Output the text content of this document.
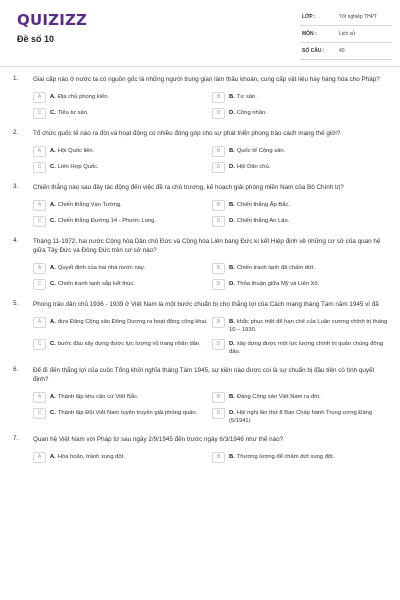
QUIZIZZ
Đề số 10
LỚP :	Tốt nghiệp THPT
MÔN :	Lịch sử
SỐ CÂU :	40
1. Giai cấp nào ở nước ta có nguồn gốc là những người trung gian làm thầu khoán, cung cấp vật liệu hay hàng hóa cho Pháp?
A	A. Địa chủ phong kiến.	B	B. Tư sản.
C	C. Tiểu tư sản.	D	D. Công nhân.
2. Tổ chức quốc tế nào ra đời và hoạt động có nhiều đóng góp cho sự phát triển phong trào cách mạng thế giới?
A	A. Hội Quốc liên.	B	B. Quốc tế Cộng sản.
C	C. Liên Hợp Quốc.	D	D. Hội Dân chủ.
3. Chiến thắng nào sau đây tác động đến việc đề ra chủ trương, kế hoạch giải phóng miền Nam của Bộ Chính trị?
A	A. Chiến thắng Vạn Tường.	B	B. Chiến thắng Ấp Bắc.
C	C. Chiến thắng Đường 14 - Phước Long.	D	D. Chiến thắng An Lão.
4. Tháng 11-1972, hai nước Cộng hòa Dân chủ Đức và Cộng hòa Liên bang Đức kí kết Hiệp định về những cơ sở của quan hệ giữa Tây Đức và Đông Đức trên cơ sở nào?
A	A. Quyết định của hai nhà nước này.	B	B. Chiến tranh lạnh đã chấm dứt.
C	C. Chiến tranh lạnh sắp kết thúc.	D	D. Thỏa thuận giữa Mỹ và Liên Xô.
5. Phong trào dân chủ 1936 - 1939 ở Việt Nam là một bước chuẩn bị cho thắng lợi của Cách mạng tháng Tám năm 1945 vì đã
A	A. đưa Đảng Cộng sản Đông Dương ra hoạt động công khai.	B	B. khắc phục triệt để hạn chế của Luận cương chính trị tháng 10 – 1930.
C	C. bước đầu xây dựng được lực lượng vũ trang nhân dân.	D	D. xây dựng được một lực lượng chính trị quần chúng đông đảo.
6. Để đi đến thắng lợi của cuộc Tổng khởi nghĩa tháng Tám 1945, sự kiện nào được coi là sự chuẩn bị đầu tiên có tính quyết định?
A	A. Thành lập khu căn cứ Việt Bắc.	B	B. Đảng Cộng sản Việt Nam ra đời.
C	C. Thành lập Đội Việt Nam tuyên truyền giải phóng quân.	D	D. Hội nghị lần thứ 8 Ban Chấp hành Trung ương Đảng (5/1941)
7. Quan hệ Việt Nam với Pháp từ sau ngày 2/9/1945 đến trước ngày 6/3/1946 như thế nào?
A	A. Hòa hoãn, tránh xung đột.	B	B. Thương lượng để chấm dứt xung đột.
